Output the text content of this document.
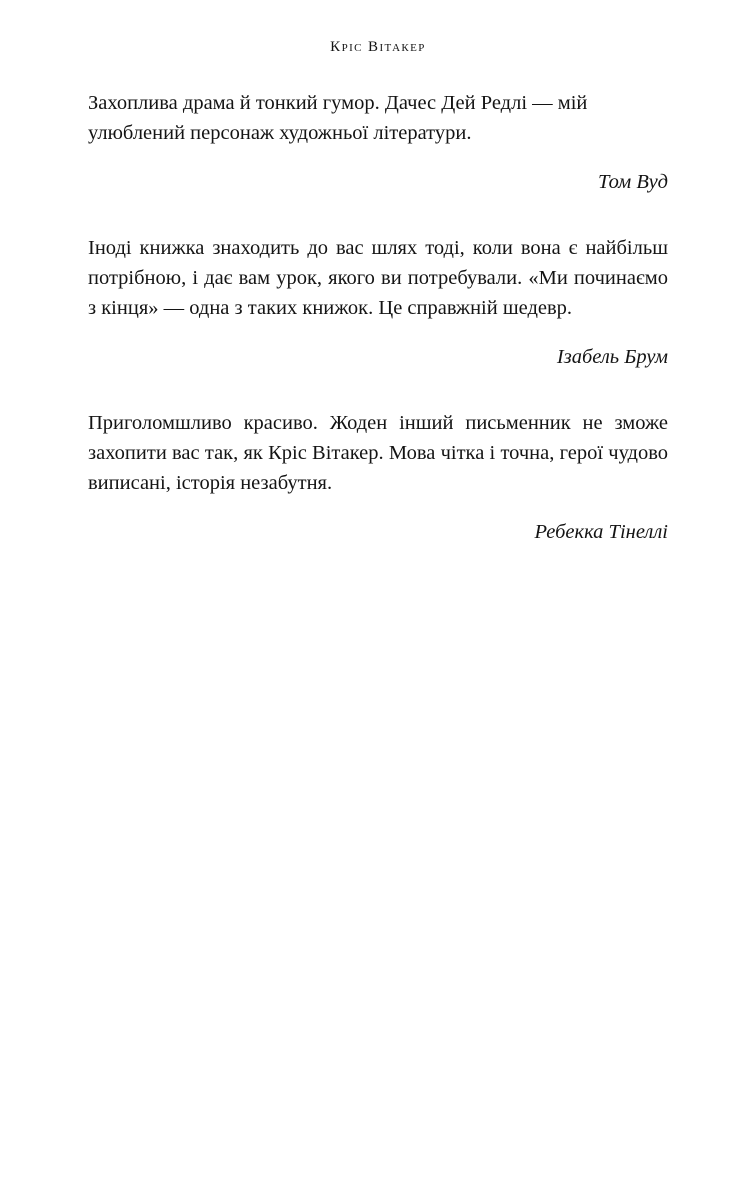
Кріс Вітакер

Захоплива драма й тонкий гумор. Дачес Дей Редлі — мій улюблений персонаж художньої літератури.

Том Вуд

Іноді книжка знаходить до вас шлях тоді, коли вона є найбільш потрібною, і дає вам урок, якого ви потребували. «Ми починаємо з кінця» — одна з таких книжок. Це справжній шедевр.

Ізабель Брум

Приголомшливо красиво. Жоден інший письменник не зможе захопити вас так, як Кріс Вітакер. Мова чітка і точна, герої чудово виписані, історія незабутня.

Ребекка Тінеллі
